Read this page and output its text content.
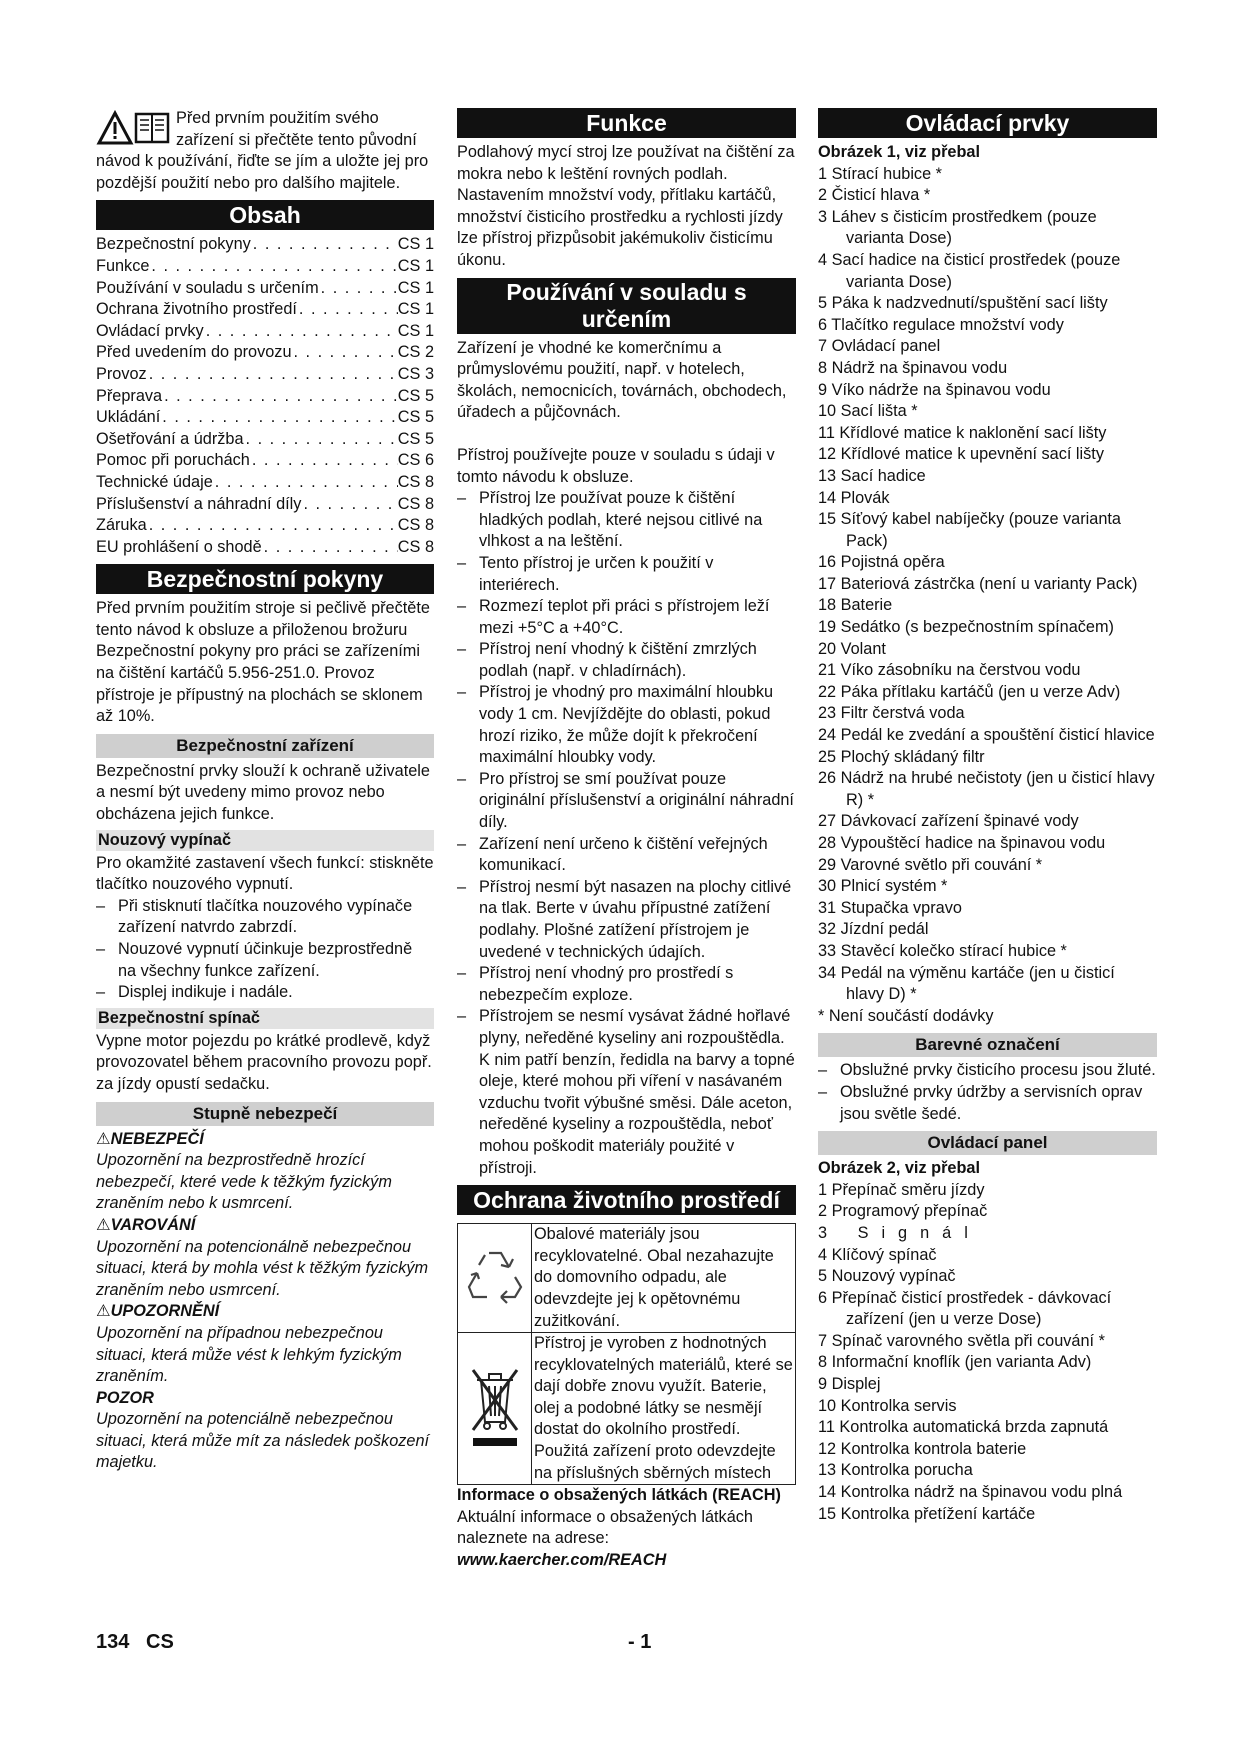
Před prvním použitím svého zařízení si přečtěte tento původní návod k používání, řiďte se jím a uložte jej pro pozdější použití nebo pro dalšího majitele.

Obsah
Bezpečnostní pokyny . . .	CS 1
Funkce . . .	CS 1
Používání v souladu s určením . . .	CS 1
Ochrana životního prostředí . . .	CS 1
Ovládací prvky . . .	CS 1
Před uvedením do provozu . . .	CS 2
Provoz . . .	CS 3
Přeprava . . .	CS 5
Ukládání . . .	CS 5
Ošetřování a údržba . . .	CS 5
Pomoc při poruchách . . .	CS 6
Technické údaje . . .	CS 8
Příslušenství a náhradní díly . . .	CS 8
Záruka . . .	CS 8
EU prohlášení o shodě . . .	CS 8
Bezpečnostní pokyny

Před prvním použitím stroje si pečlivě přečtěte tento návod k obsluze a přiloženou brožuru Bezpečnostní pokyny pro práci se zařízeními na čištění kartáčů 5.956-251.0. Provoz přístroje je přípustný na plochách se sklonem až 10%.

Bezpečnostní zařízení

Bezpečnostní prvky slouží k ochraně uživatele a nesmí být uvedeny mimo provoz nebo obcházena jejich funkce.

Nouzový vypínač

Pro okamžité zastavení všech funkcí: stiskněte tlačítko nouzového vypnutí.

– Při stisknutí tlačítka nouzového vypínače zařízení natvrdo zabrzdí.

– Nouzové vypnutí účinkuje bezprostředně na všechny funkce zařízení.

– Displej indikuje i nadále.

Bezpečnostní spínač

Vypne motor pojezdu po krátké prodlevě, když provozovatel během pracovního provozu popř. za jízdy opustí sedačku.

Stupně nebezpečí

⚠NEBEZPEČÍ

Upozornění na bezprostředně hrozící nebezpečí, které vede k těžkým fyzickým zraněním nebo k usmrcení.

⚠VAROVÁNÍ

Upozornění na potencionálně nebezpečnou situaci, která by mohla vést k těžkým fyzickým zraněním nebo usmrcení.

⚠UPOZORNĚNÍ

Upozornění na případnou nebezpečnou situaci, která může vést k lehkým fyzickým zraněním.

POZOR

Upozornění na potenciálně nebezpečnou situaci, která může mít za následek poškození majetku.

Funkce

Podlahový mycí stroj lze používat na čištění za mokra nebo k leštění rovných podlah. Nastavením množství vody, přítlaku kartáčů, množství čisticího prostředku a rychlosti jízdy lze přístroj přizpůsobit jakémukoliv čisticímu úkonu.

Používání v souladu s určením

Zařízení je vhodné ke komerčnímu a průmyslovému použití, např. v hotelech, školách, nemocnicích, továrnách, obchodech, úřadech a půjčovnách.

Přístroj používejte pouze v souladu s údaji v tomto návodu k obsluze.

– Přístroj lze používat pouze k čištění hladkých podlah, které nejsou citlivé na vlhkost a na leštění.

– Tento přístroj je určen k použití v interiérech.

– Rozmezí teplot při práci s přístrojem leží mezi +5°C a +40°C.

– Přístroj není vhodný k čištění zmrzlých podlah (např. v chladírnách).

– Přístroj je vhodný pro maximální hloubku vody 1 cm. Nevjíždějte do oblasti, pokud hrozí riziko, že může dojít k překročení maximální hloubky vody.

– Pro přístroj se smí používat pouze originální příslušenství a originální náhradní díly.

– Zařízení není určeno k čištění veřejných komunikací.

– Přístroj nesmí být nasazen na plochy citlivé na tlak. Berte v úvahu přípustné zatížení podlahy. Plošné zatížení přístrojem je uvedené v technických údajích.

– Přístroj není vhodný pro prostředí s nebezpečím exploze.

– Přístrojem se nesmí vysávat žádné hořlavé plyny, neředěné kyseliny ani rozpouštědla.

K nim patří benzín, ředidla na barvy a topné oleje, které mohou při víření v nasávaném vzduchu tvořit výbušné směsi. Dále aceton, neředěné kyseliny a rozpouštědla, neboť mohou poškodit materiály použité v přístroji.

Ochrana životního prostředí
	Obalové materiály jsou recyklovatelné. Obal nezahazujte do domovního odpadu, ale odevzdejte jej k opětovnému zužitkování.
	Přístroj je vyroben z hodnotných recyklovatelných materiálů, které se dají dobře znovu využít. Baterie, olej a podobné látky se nesmějí dostat do okolního prostředí. Použitá zařízení proto odevzdejte na příslušných sběrných místech

Informace o obsažených látkách (REACH)

Aktuální informace o obsažených látkách naleznete na adrese:

www.kaercher.com/REACH

Ovládací prvky

Obrázek 1, viz přebal

1 Stírací hubice *

2 Čisticí hlava *

3 Láhev s čisticím prostředkem (pouze varianta Dose)

4 Sací hadice na čisticí prostředek (pouze varianta Dose)

5 Páka k nadzvednutí/spuštění sací lišty

6 Tlačítko regulace množství vody

7 Ovládací panel

8 Nádrž na špinavou vodu

9 Víko nádrže na špinavou vodu

10 Sací lišta *

11 Křídlové matice k naklonění sací lišty

12 Křídlové matice k upevnění sací lišty

13 Sací hadice

14 Plovák

15 Síťový kabel nabíječky (pouze varianta Pack)

16 Pojistná opěra

17 Bateriová zástrčka (není u varianty Pack)

18 Baterie

19 Sedátko (s bezpečnostním spínačem)

20 Volant

21 Víko zásobníku na čerstvou vodu

22 Páka přítlaku kartáčů (jen u verze Adv)

23 Filtr čerstvá voda

24 Pedál ke zvedání a spouštění čisticí hlavice

25 Plochý skládaný filtr

26 Nádrž na hrubé nečistoty (jen u čisticí hlavy R) *

27 Dávkovací zařízení špinavé vody

28 Vypouštěcí hadice na špinavou vodu

29 Varovné světlo při couvání *

30 Plnicí systém *

31 Stupačka vpravo

32 Jízdní pedál

33 Stavěcí kolečko stírací hubice *

34 Pedál na výměnu kartáče (jen u čisticí hlavy D) *

* Není součástí dodávky

Barevné označení

– Obslužné prvky čisticího procesu jsou žluté.

– Obslužné prvky údržby a servisních oprav jsou světle šedé.

Ovládací panel

Obrázek 2, viz přebal

1 Přepínač směru jízdy

2 Programový přepínač

3 Signál

4 Klíčový spínač

5 Nouzový vypínač

6 Přepínač čisticí prostředek - dávkovací zařízení (jen u verze Dose)

7 Spínač varovného světla při couvání *

8 Informační knoflík (jen varianta Adv)

9 Displej

10 Kontrolka servis

11 Kontrolka automatická brzda zapnutá

12 Kontrolka kontrola baterie

13 Kontrolka porucha

14 Kontrolka nádrž na špinavou vodu plná

15 Kontrolka přetížení kartáče

134   CS	- 1
